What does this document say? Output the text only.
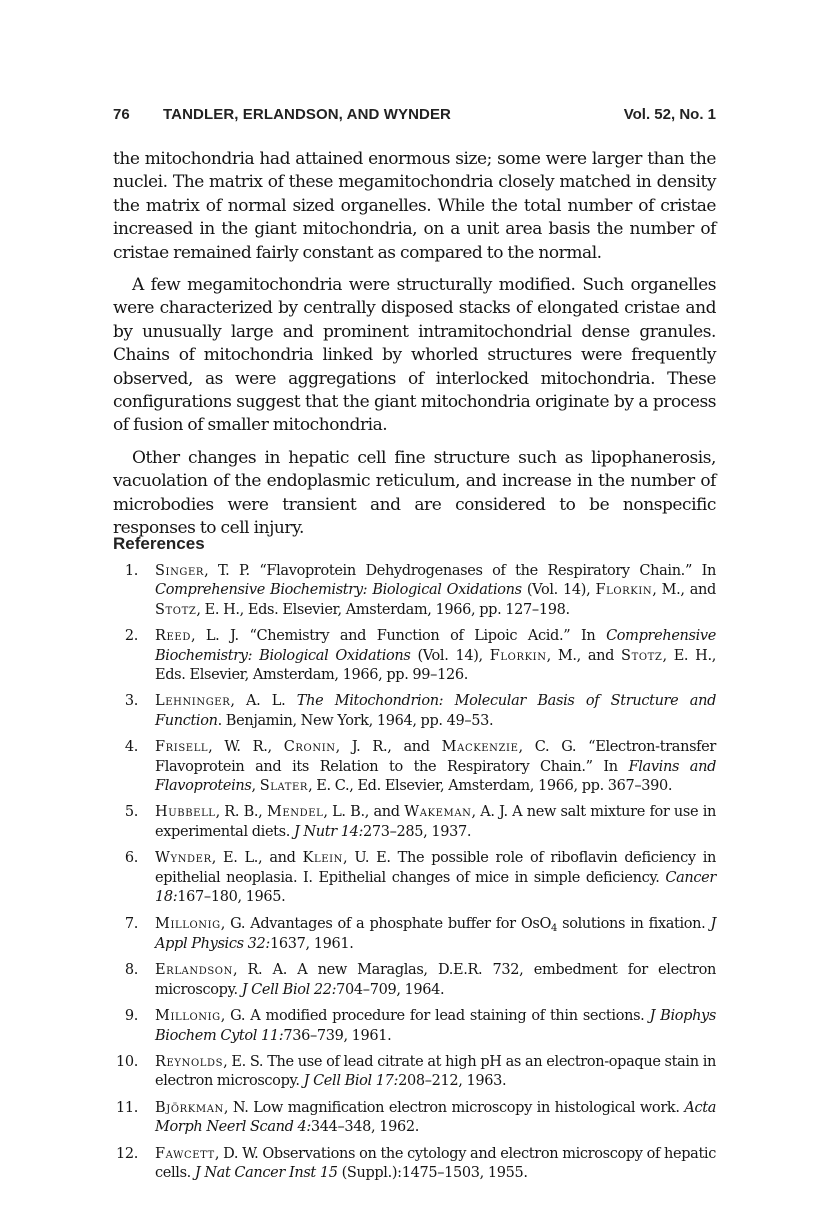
76 TANDLER, ERLANDSON, AND WYNDER	Vol. 52, No. 1

the mitochondria had attained enormous size; some were larger than the nuclei. The matrix of these megamitochondria closely matched in density the matrix of normal sized organelles. While the total number of cristae increased in the giant mitochondria, on a unit area basis the number of cristae remained fairly constant as compared to the normal.

A few megamitochondria were structurally modified. Such organelles were characterized by centrally disposed stacks of elongated cristae and by unusually large and prominent intramitochondrial dense granules. Chains of mitochondria linked by whorled structures were frequently observed, as were aggregations of interlocked mitochondria. These configurations suggest that the giant mitochondria originate by a process of fusion of smaller mitochondria.

Other changes in hepatic cell fine structure such as lipophanerosis, vacuolation of the endoplasmic reticulum, and increase in the number of microbodies were transient and are considered to be nonspecific responses to cell injury.

References
1. Singer, T. P. “Flavoprotein Dehydrogenases of the Respiratory Chain.” In Comprehensive Biochemistry: Biological Oxidations (Vol. 14), Florkin, M., and Stotz, E. H., Eds. Elsevier, Amsterdam, 1966, pp. 127–198.
2. Reed, L. J. “Chemistry and Function of Lipoic Acid.” In Comprehensive Biochemistry: Biological Oxidations (Vol. 14), Florkin, M., and Stotz, E. H., Eds. Elsevier, Amsterdam, 1966, pp. 99–126.
3. Lehninger, A. L. The Mitochondrion: Molecular Basis of Structure and Function. Benjamin, New York, 1964, pp. 49–53.
4. Frisell, W. R., Cronin, J. R., and Mackenzie, C. G. “Electron-transfer Flavoprotein and its Relation to the Respiratory Chain.” In Flavins and Flavoproteins, Slater, E. C., Ed. Elsevier, Amsterdam, 1966, pp. 367–390.
5. Hubbell, R. B., Mendel, L. B., and Wakeman, A. J. A new salt mixture for use in experimental diets. J Nutr 14:273–285, 1937.
6. Wynder, E. L., and Klein, U. E. The possible role of riboflavin deficiency in epithelial neoplasia. I. Epithelial changes of mice in simple deficiency. Cancer 18:167–180, 1965.
7. Millonig, G. Advantages of a phosphate buffer for OsO$_4$ solutions in fixation. J Appl Physics 32:1637, 1961.
8. Erlandson, R. A. A new Maraglas, D.E.R. 732, embedment for electron microscopy. J Cell Biol 22:704–709, 1964.
9. Millonig, G. A modified procedure for lead staining of thin sections. J Biophys Biochem Cytol 11:736–739, 1961.
10. Reynolds, E. S. The use of lead citrate at high pH as an electron-opaque stain in electron microscopy. J Cell Biol 17:208–212, 1963.
11. Björkman, N. Low magnification electron microscopy in histological work. Acta Morph Neerl Scand 4:344–348, 1962.
12. Fawcett, D. W. Observations on the cytology and electron microscopy of hepatic cells. J Nat Cancer Inst 15 (Suppl.):1475–1503, 1955.
